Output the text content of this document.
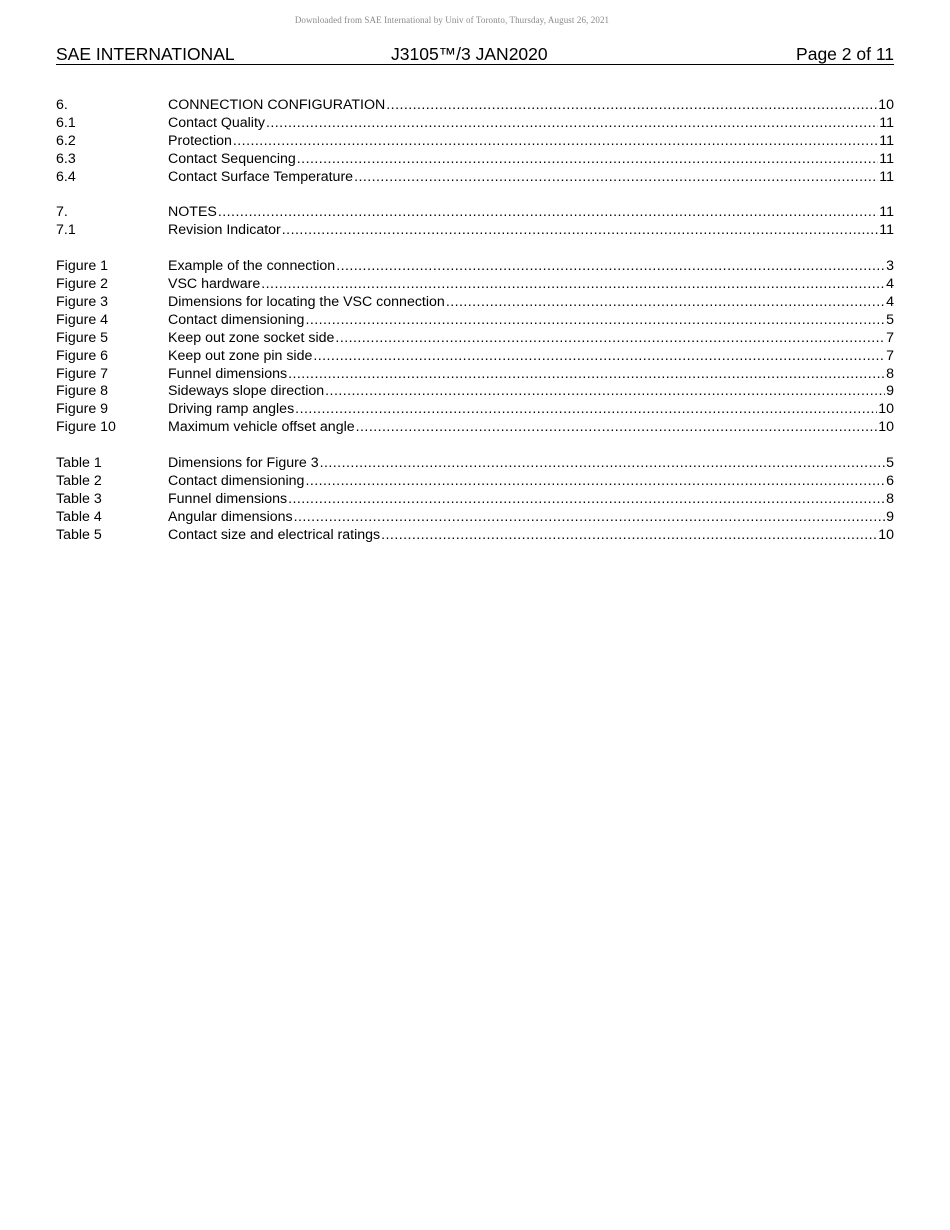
Downloaded from SAE International by Univ of Toronto, Thursday, August 26, 2021
SAE INTERNATIONAL	J3105™/3 JAN2020	Page 2 of 11
6.	CONNECTION CONFIGURATION .....	10
6.1	Contact Quality .....	11
6.2	Protection .....	11
6.3	Contact Sequencing .....	11
6.4	Contact Surface Temperature .....	11
7.	NOTES .....	11
7.1	Revision Indicator .....	11
Figure 1	Example of the connection .....	3
Figure 2	VSC hardware .....	4
Figure 3	Dimensions for locating the VSC connection .....	4
Figure 4	Contact dimensioning .....	5
Figure 5	Keep out zone socket side .....	7
Figure 6	Keep out zone pin side .....	7
Figure 7	Funnel dimensions .....	8
Figure 8	Sideways slope direction .....	9
Figure 9	Driving ramp angles .....	10
Figure 10	Maximum vehicle offset angle .....	10
Table 1	Dimensions for Figure 3 .....	5
Table 2	Contact dimensioning .....	6
Table 3	Funnel dimensions .....	8
Table 4	Angular dimensions .....	9
Table 5	Contact size and electrical ratings .....	10
